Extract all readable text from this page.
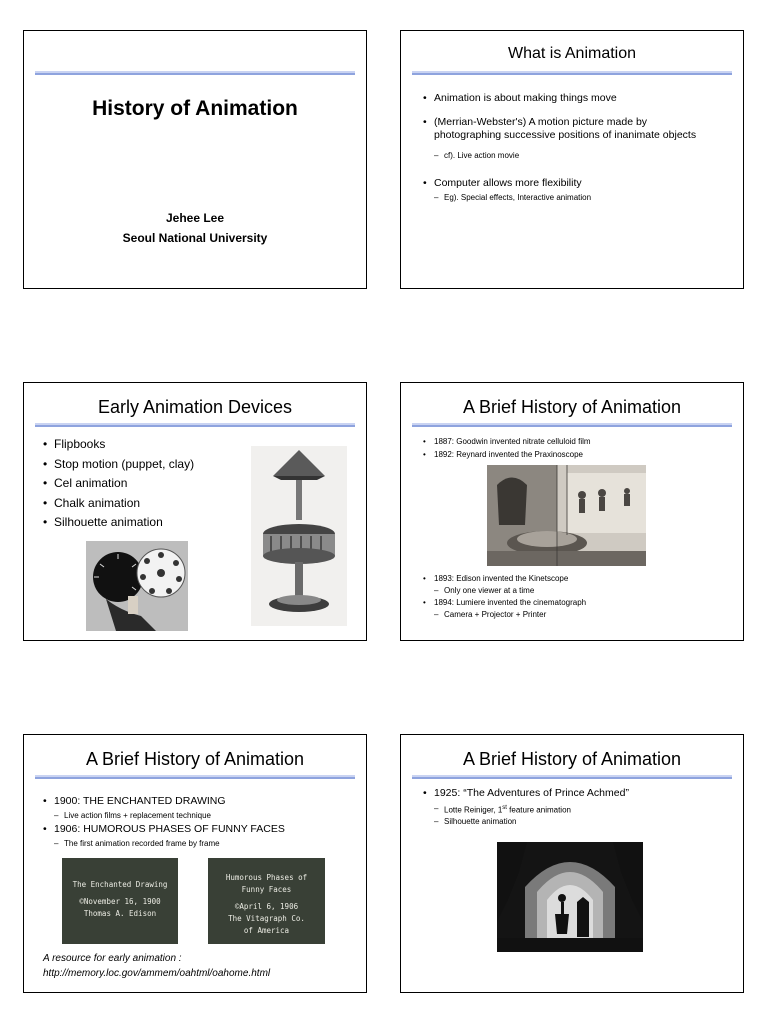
History of Animation
Jehee Lee
Seoul National University
What is Animation
• Animation is about making things move
• (Merrian-Webster's) A motion picture made by
photographing successive positions of inanimate objects
– cf). Live action movie
• Computer allows more flexibility
– Eg). Special effects, Interactive animation
Early Animation Devices
• Flipbooks
• Stop motion (puppet, clay)
• Cel animation
• Chalk animation
• Silhouette animation
A Brief History of Animation
• 1887: Goodwin invented nitrate celluloid film
• 1892: Reynard invented the Praxinoscope
• 1893: Edison invented the Kinetscope
– Only one viewer at a time
• 1894: Lumiere invented the cinematograph
– Camera + Projector + Printer
A Brief History of Animation
• 1900: THE ENCHANTED DRAWING
– Live action films + replacement technique
• 1906: HUMOROUS PHASES OF FUNNY FACES
– The first animation recorded frame by frame
The Enchanted Drawing
©November 16, 1900
Thomas A. Edison
Humorous Phases of
Funny Faces
©April 6, 1906
The Vitagraph Co.
of America
A resource for early animation :
http://memory.loc.gov/ammem/oahtml/oahome.html
A Brief History of Animation
• 1925: “The Adventures of Prince Achmed”
– Lotte Reiniger, 1st feature animation
– Silhouette animation
